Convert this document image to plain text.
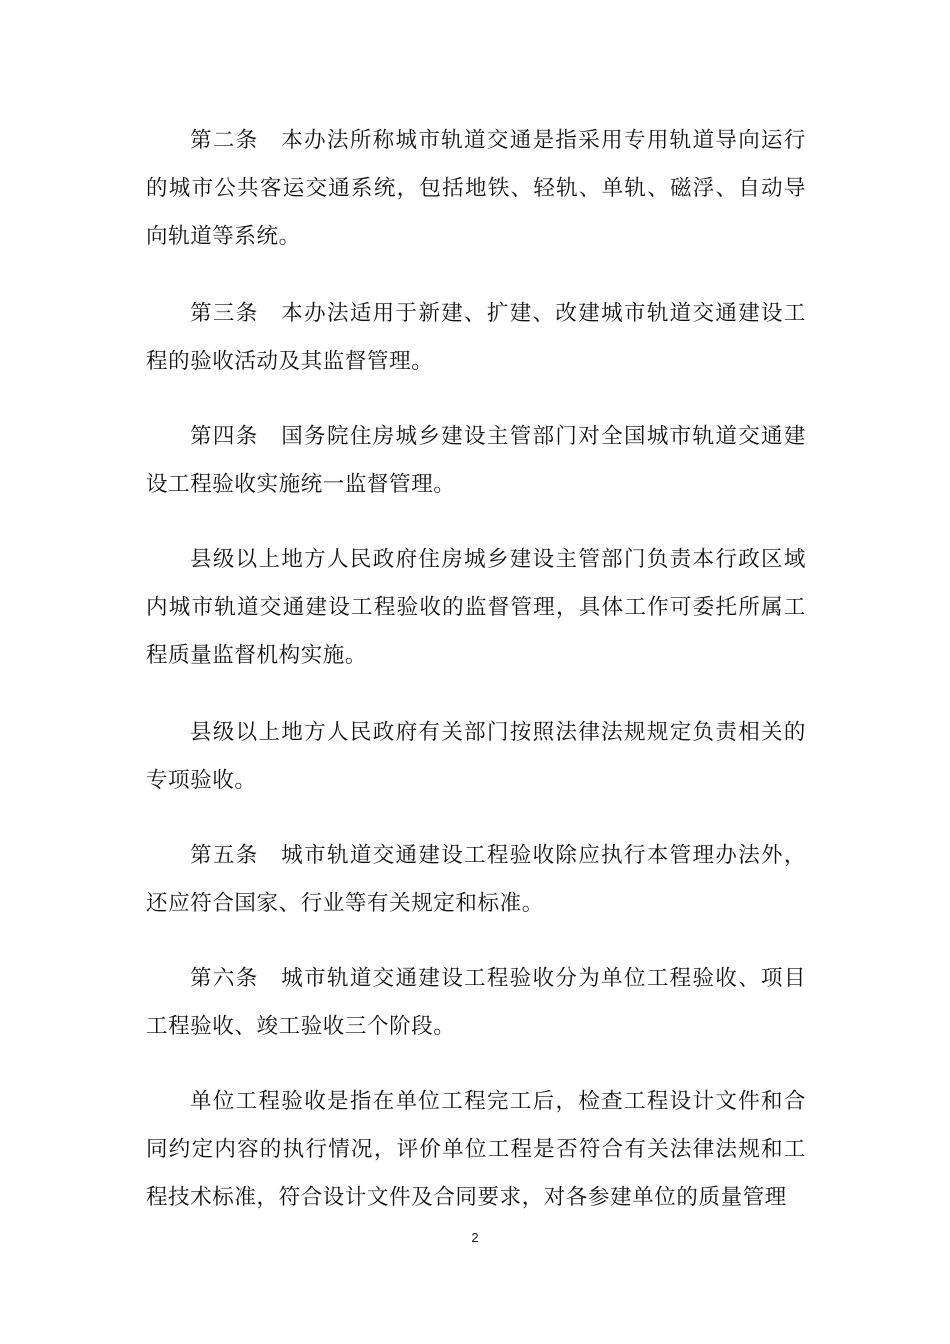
第二条 本办法所称城市轨道交通是指采用专用轨道导向运行的城市公共客运交通系统，包括地铁、轻轨、单轨、磁浮、自动导向轨道等系统。

第三条 本办法适用于新建、扩建、改建城市轨道交通建设工程的验收活动及其监督管理。

第四条 国务院住房城乡建设主管部门对全国城市轨道交通建设工程验收实施统一监督管理。

县级以上地方人民政府住房城乡建设主管部门负责本行政区域内城市轨道交通建设工程验收的监督管理，具体工作可委托所属工程质量监督机构实施。

县级以上地方人民政府有关部门按照法律法规规定负责相关的专项验收。

第五条 城市轨道交通建设工程验收除应执行本管理办法外，还应符合国家、行业等有关规定和标准。

第六条 城市轨道交通建设工程验收分为单位工程验收、项目工程验收、竣工验收三个阶段。

单位工程验收是指在单位工程完工后，检查工程设计文件和合同约定内容的执行情况，评价单位工程是否符合有关法律法规和工程技术标准，符合设计文件及合同要求，对各参建单位的质量管理

2
